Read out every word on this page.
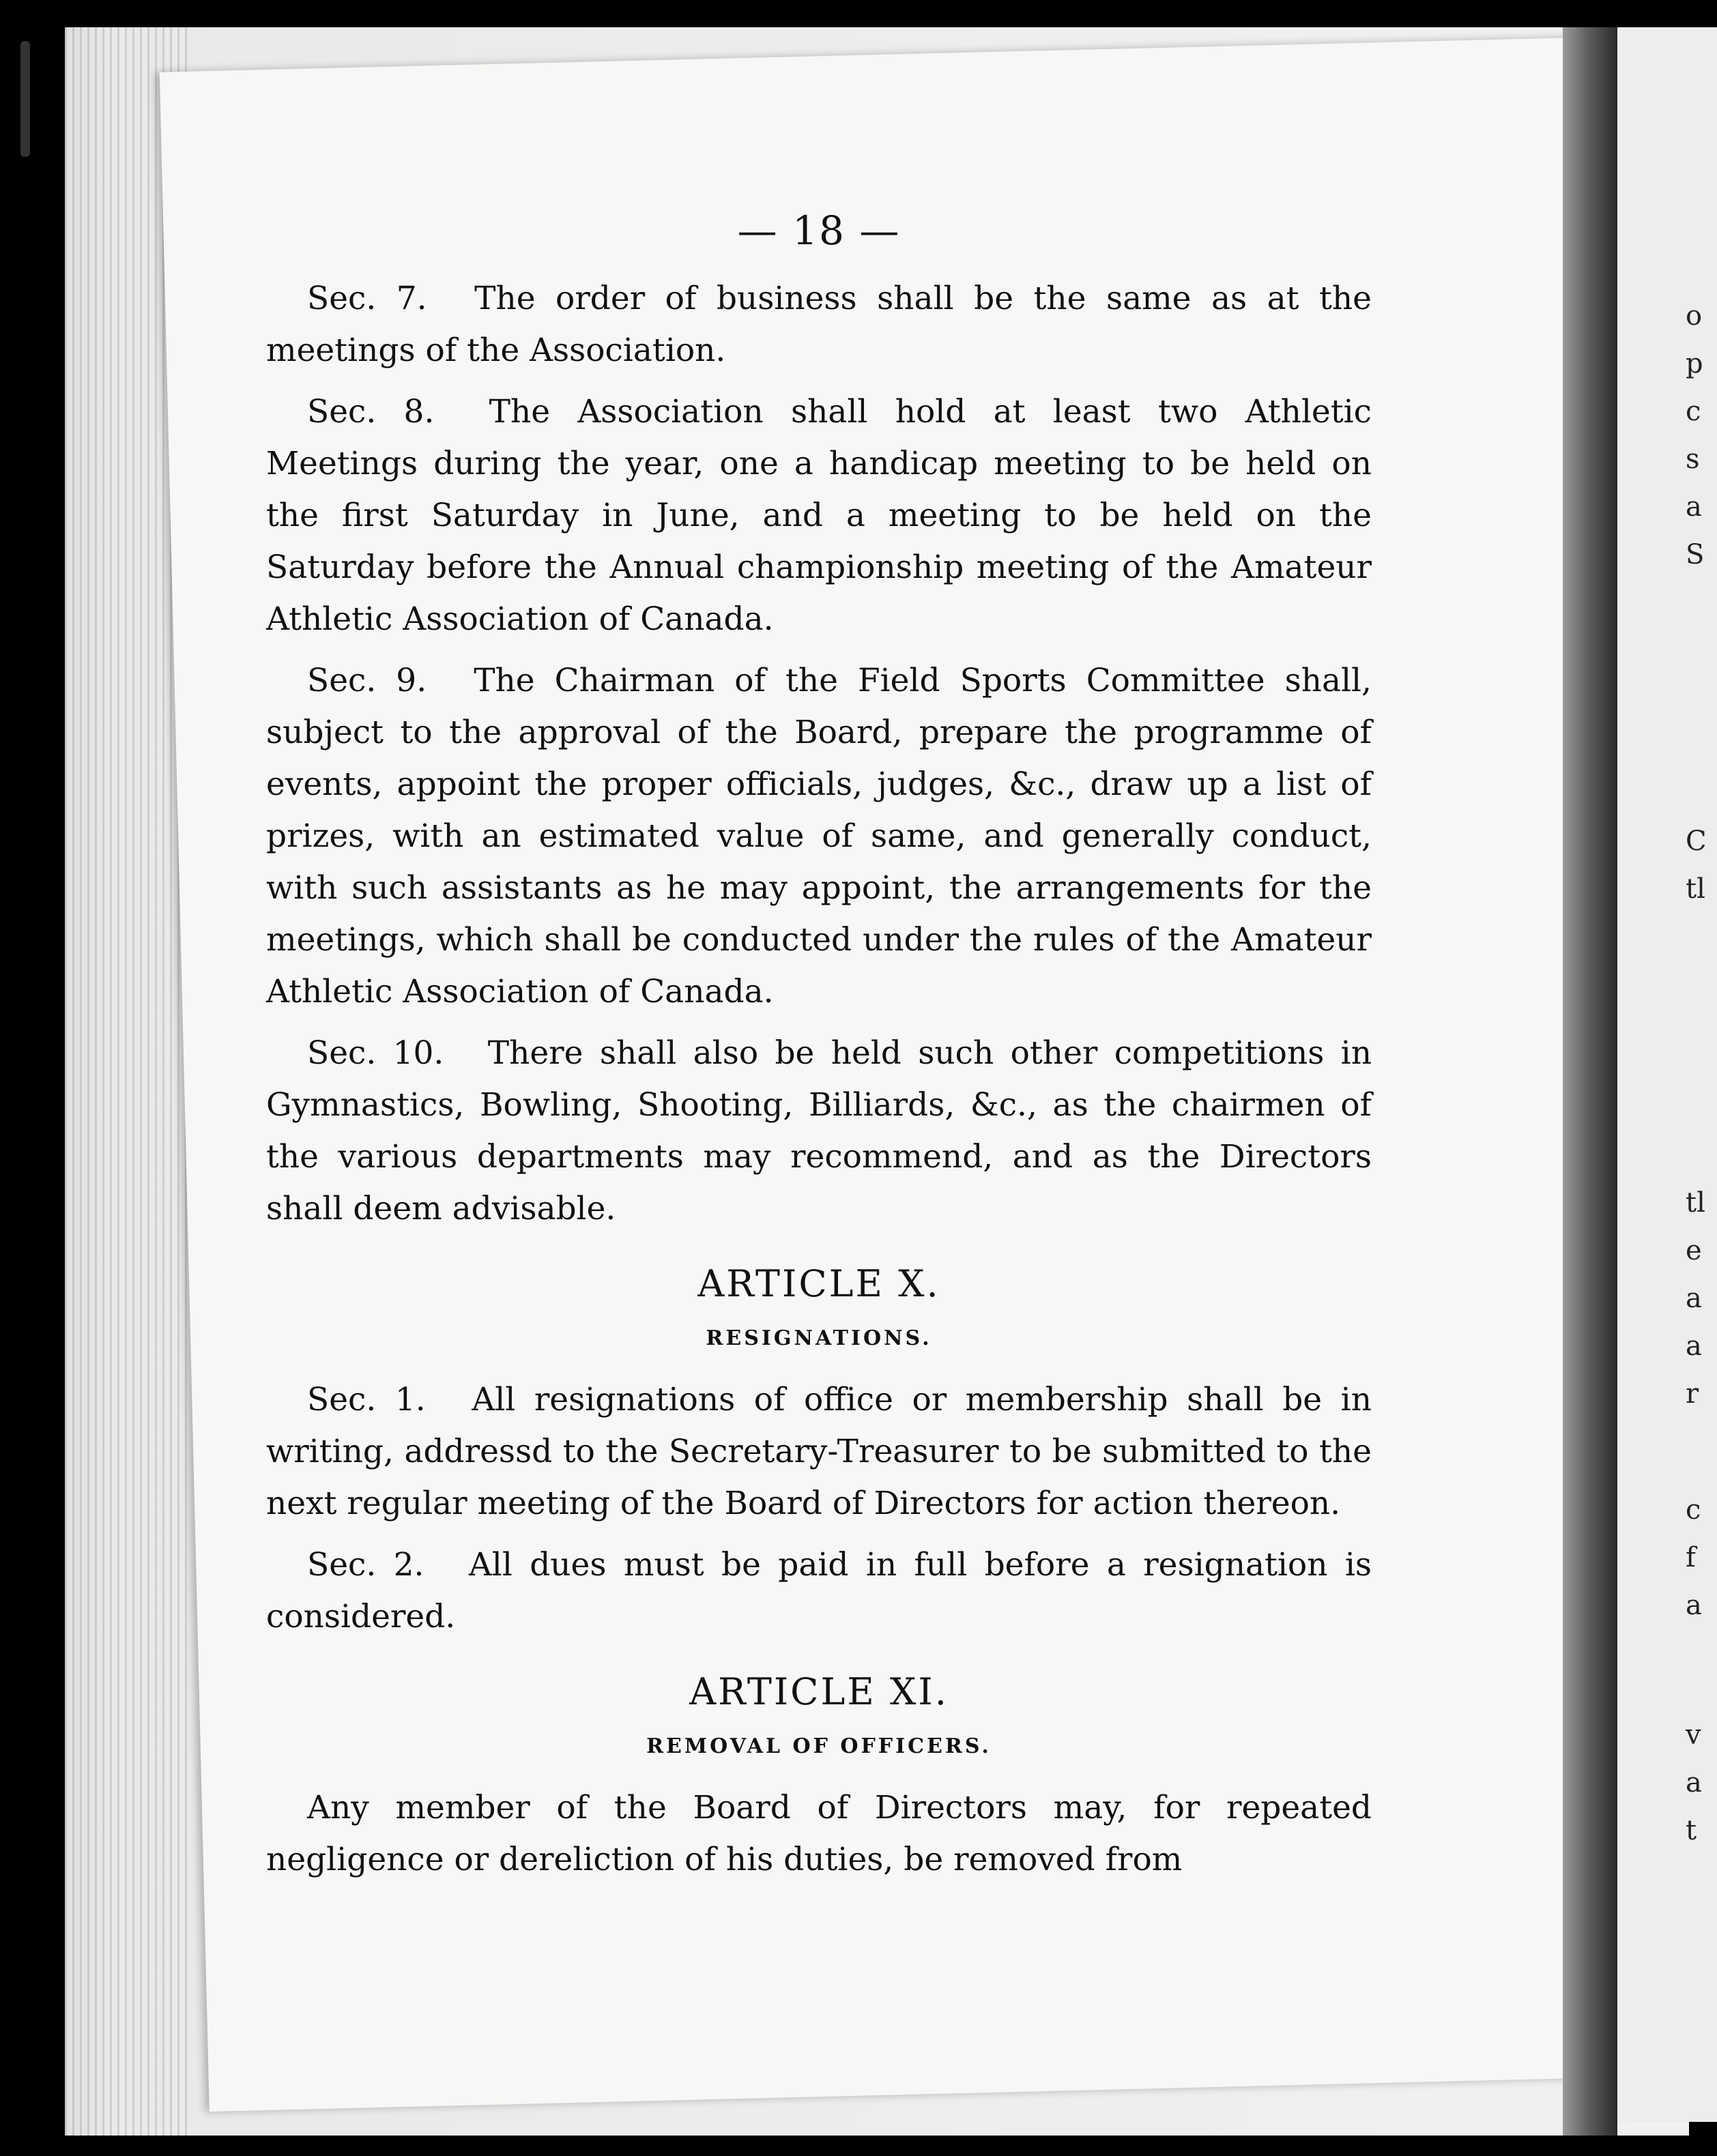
— 18 —

Sec. 7. The order of business shall be the same as at the meetings of the Association.

Sec. 8. The Association shall hold at least two Athletic Meetings during the year, one a handicap meeting to be held on the first Saturday in June, and a meeting to be held on the Saturday before the Annual championship meeting of the Amateur Athletic Association of Canada.

Sec. 9. The Chairman of the Field Sports Committee shall, subject to the approval of the Board, prepare the programme of events, appoint the proper officials, judges, &c., draw up a list of prizes, with an estimated value of same, and generally conduct, with such assistants as he may appoint, the arrangements for the meetings, which shall be conducted under the rules of the Amateur Athletic Association of Canada.

Sec. 10. There shall also be held such other competitions in Gymnastics, Bowling, Shooting, Billiards, &c., as the chairmen of the various departments may recommend, and as the Directors shall deem advisable.

ARTICLE X.
RESIGNATIONS.

Sec. 1. All resignations of office or membership shall be in writing, addressd to the Secretary-Treasurer to be submitted to the next regular meeting of the Board of Directors for action thereon.

Sec. 2. All dues must be paid in full before a resignation is considered.

ARTICLE XI.
REMOVAL OF OFFICERS.

Any member of the Board of Directors may, for repeated negligence or dereliction of his duties, be removed from

o
p
c
s
a
S
C
tl
tl
e
a
a
r
c
f
a
v
a
t
